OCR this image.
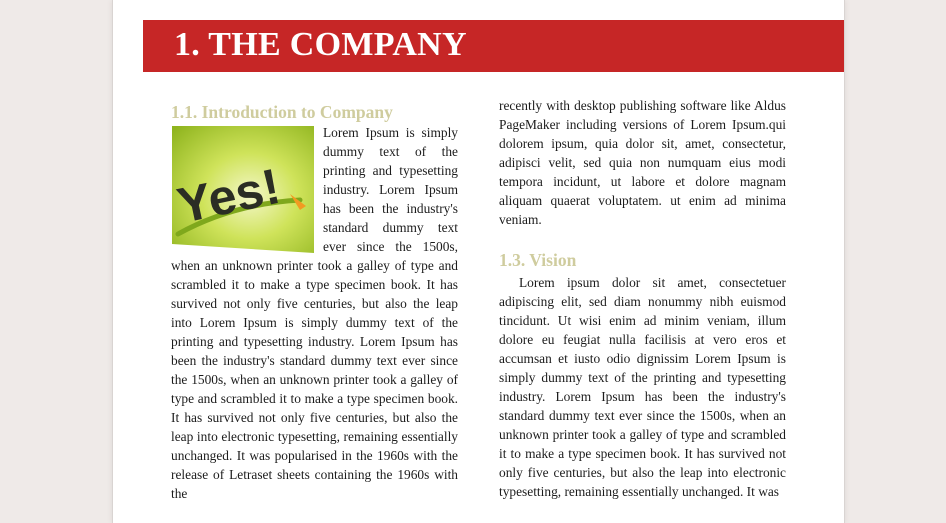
1. THE COMPANY
1.1. Introduction to Company

Yes!
Lorem Ipsum is simply dummy text of the printing and typesetting industry. Lorem Ipsum has been the industry's standard dummy text ever since the 1500s, when an unknown printer took a galley of type and scrambled it to make a type specimen book. It has survived not only five centuries, but also the leap into Lorem Ipsum is simply dummy text of the printing and typesetting industry. Lorem Ipsum has been the industry's standard dummy text ever since the 1500s, when an unknown printer took a galley of type and scrambled it to make a type specimen book. It has survived not only five centuries, but also the leap into electronic typesetting, remaining essentially unchanged. It was popularised in the 1960s with the release of Letraset sheets containing the 1960s with the

recently with desktop publishing software like Aldus PageMaker including versions of Lorem Ipsum.qui dolorem ipsum, quia dolor sit, amet, consectetur, adipisci velit, sed quia non numquam eius modi tempora incidunt, ut labore et dolore magnam aliquam quaerat voluptatem. ut enim ad minima veniam.

1.3. Vision

Lorem ipsum dolor sit amet, consectetuer adipiscing elit, sed diam nonummy nibh euismod tincidunt. Ut wisi enim ad minim veniam, illum dolore eu feugiat nulla facilisis at vero eros et accumsan et iusto odio dignissim Lorem Ipsum is simply dummy text of the printing and typesetting industry. Lorem Ipsum has been the industry's standard dummy text ever since the 1500s, when an unknown printer took a galley of type and scrambled it to make a type specimen book. It has survived not only five centuries, but also the leap into electronic typesetting, remaining essentially unchanged. It was
